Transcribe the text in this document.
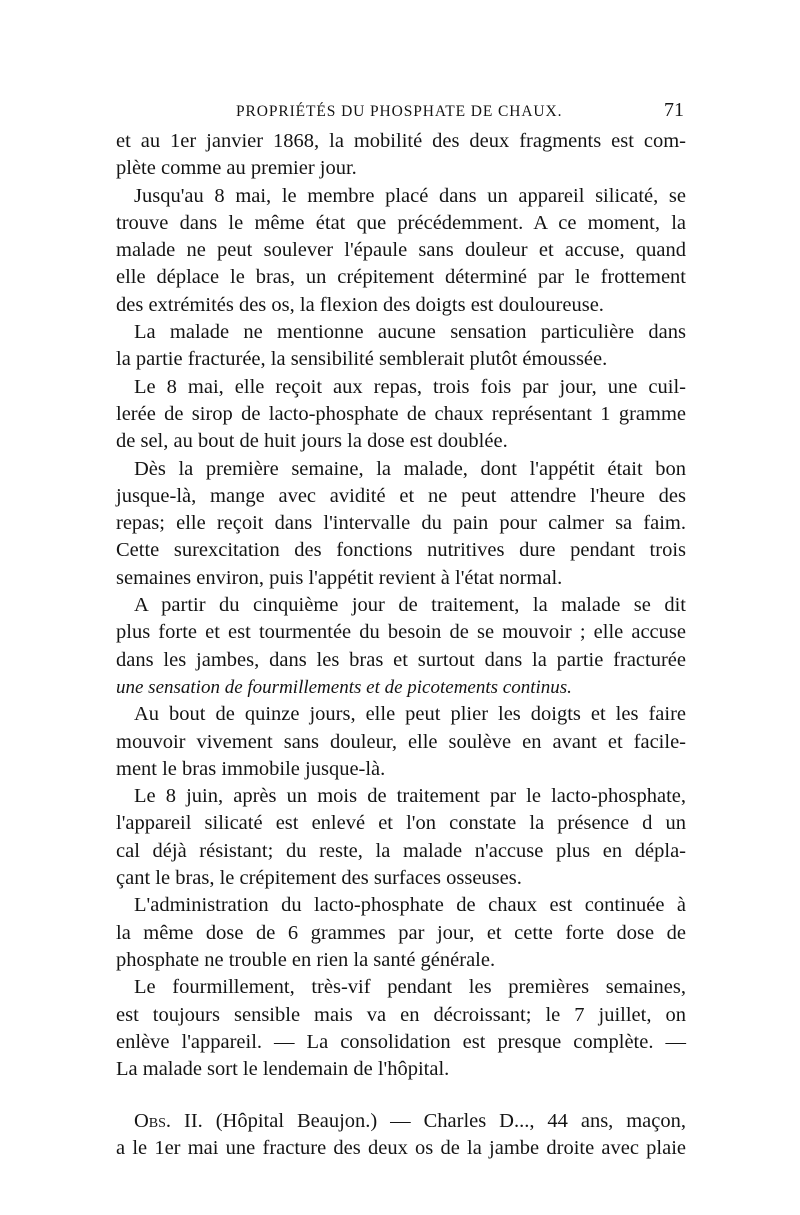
PROPRIÉTÉS DU PHOSPHATE DE CHAUX.	71
et au 1er janvier 1868, la mobilité des deux fragments est com-
plète comme au premier jour.
Jusqu'au 8 mai, le membre placé dans un appareil silicaté, se
trouve dans le même état que précédemment. A ce moment, la
malade ne peut soulever l'épaule sans douleur et accuse, quand
elle déplace le bras, un crépitement déterminé par le frottement
des extrémités des os, la flexion des doigts est douloureuse.
La malade ne mentionne aucune sensation particulière dans
la partie fracturée, la sensibilité semblerait plutôt émoussée.
Le 8 mai, elle reçoit aux repas, trois fois par jour, une cuil-
lerée de sirop de lacto-phosphate de chaux représentant 1 gramme
de sel, au bout de huit jours la dose est doublée.
Dès la première semaine, la malade, dont l'appétit était bon
jusque-là, mange avec avidité et ne peut attendre l'heure des
repas; elle reçoit dans l'intervalle du pain pour calmer sa faim.
Cette surexcitation des fonctions nutritives dure pendant trois
semaines environ, puis l'appétit revient à l'état normal.
A partir du cinquième jour de traitement, la malade se dit
plus forte et est tourmentée du besoin de se mouvoir ; elle accuse
dans les jambes, dans les bras et surtout dans la partie fracturée
une sensation de fourmillements et de picotements continus.
Au bout de quinze jours, elle peut plier les doigts et les faire
mouvoir vivement sans douleur, elle soulève en avant et facile-
ment le bras immobile jusque-là.
Le 8 juin, après un mois de traitement par le lacto-phosphate,
l'appareil silicaté est enlevé et l'on constate la présence d un
cal déjà résistant; du reste, la malade n'accuse plus en dépla-
çant le bras, le crépitement des surfaces osseuses.
L'administration du lacto-phosphate de chaux est continuée à
la même dose de 6 grammes par jour, et cette forte dose de
phosphate ne trouble en rien la santé générale.
Le fourmillement, très-vif pendant les premières semaines,
est toujours sensible mais va en décroissant; le 7 juillet, on
enlève l'appareil. — La consolidation est presque complète. —
La malade sort le lendemain de l'hôpital.
Obs. II. (Hôpital Beaujon.) — Charles D..., 44 ans, maçon,
a le 1er mai une fracture des deux os de la jambe droite avec plaie
